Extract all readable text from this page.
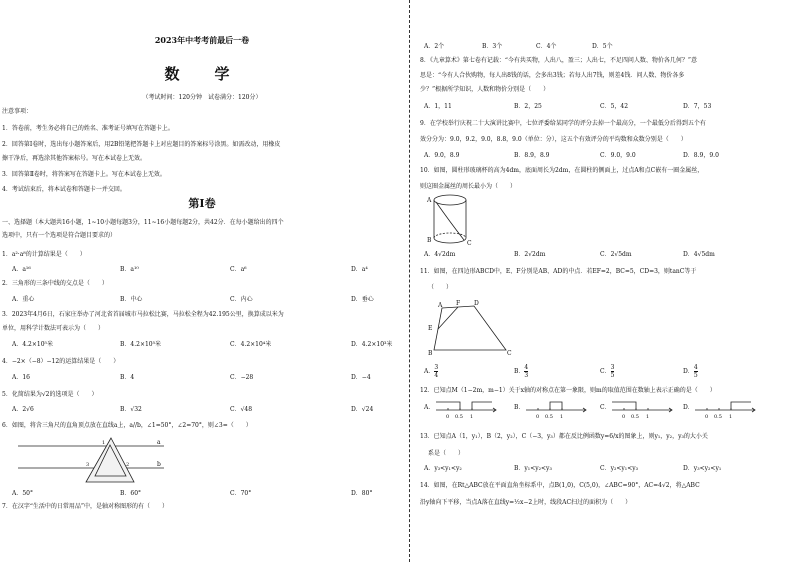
2023年中考考前最后一卷
数　学
（考试时间：120分钟　试卷满分：120分）
注意事项：
1．答卷前，考生务必将自己的姓名、准考证号填写在答题卡上。
2．回答第Ⅰ卷时，选出每小题答案后，用2B铅笔把答题卡上对应题目的答案标号涂黑。如需改动，用橡皮
擦干净后，再选涂其他答案标号。写在本试卷上无效。
3．回答第Ⅱ卷时，将答案写在答题卡上。写在本试卷上无效。
4．考试结束后，将本试卷和答题卡一并交回。
第Ⅰ卷
一、选择题（本大题共16小题，1~10小题每题3分，11~16小题每题2分，共42分．在每小题给出的四个
选项中，只有一个选项是符合题目要求的）
1．a²·a⁸的计算结果是（　　）
A．a¹⁶	B．a¹⁰	C．a⁶	D．a⁴
2．三角形的三条中线的交点是（　　）
A．重心	B．中心	C．内心	D．垂心
3．2023年4月6日，石家庄举办了河北省首届城市马拉松比赛，马拉松全程为42.195公里，换算成以米为
单位，用科学计数法可表示为（　　）
A．4.2×10⁵米	B．4.2×10⁵米	C．4.2×10⁴米	D．4.2×10³米
4．−2×（−8）−12的运算结果是（　　）
A．16	B．4	C．−28	D．−4
5．化简结果为√2的选项是（　　）
A．2√6	B．√32	C．√48	D．√24
6．如图，将含三角尺的直角顶点放在直线a上，a//b，∠1=50°，∠2=70°，则∠3=（　　）
a
b
1
2
3
A．50°	B．60°	C．70°	D．80°
7．在汉字“生活中的日常用品”中，是轴对称图形的有（　　）
A．2个	B．3个	C．4个	D．5个
8．《九章算术》第七卷有记载：“今有共买物，人出八，盈三；人出七，不足四问人数、物价各几何？”意
思是：“今有人合伙购物，每人出8钱的话，会多出3钱；若每人出7钱，则差4钱．问人数、物价各多
少？”根据所学知识，人数和物价分别是（　　）
A．1，11	B．2，25	C．5，42	D．7，53
9．在学校举行庆祝二十大演讲比赛中，七位评委给某同学的评分去掉一个最高分，一个最低分后得到五个有
效分分为：9.0，9.2，9.0，8.8，9.0（单位：分），这五个有效评分的平均数和众数分别是（　　）
A．9.0，8.9	B．8.9，8.9	C．9.0，9.0	D．8.9，9.0
10．如图，圆柱形玻璃杯的高为4dm，底面周长为2dm，在圆柱的侧面上，过点A和点C嵌有一圈金属丝，
则这圈金属丝的周长最小为（　　）
A
B	C
A．4√2dm	B．2√2dm	C．2√5dm	D．4√5dm
11．如图，在四边形ABCD中，E、F分别是AB、AD的中点．若EF=2，BC=5，CD=3，则tanC等于
（　　）
A F D
E
B	C
A． $\frac{3}{4}$	B． $\frac{4}{3}$	C． $\frac{3}{5}$	D． $\frac{4}{5}$
12．已知点M（1−2m，m−1）关于x轴的对称点在第一象限，则m的取值范围在数轴上表示正确的是（　　）
A．	B．	C．	D．
0 0.5 1	0 0.5 1	0 0.5 1	0 0.5 1
13．已知点A（1，y₁），B（2，y₂），C（−3，y₃）都在反比例函数y=6/x的图象上，则y₁，y₂，y₃的大小关
系是（　　）
A．y₃<y₁<y₂	B．y₁<y₂<y₃	C．y₂<y₁<y₃	D．y₃<y₂<y₁
14．如图，在Rt△ABC放在平面直角坐标系中，点B(1,0)，C(5,0)，∠ABC=90°，AC=4√2，将△ABC
沿y轴向下平移，当点A落在直线y=½x−2上时，线段AC扫过的面积为（　　）
